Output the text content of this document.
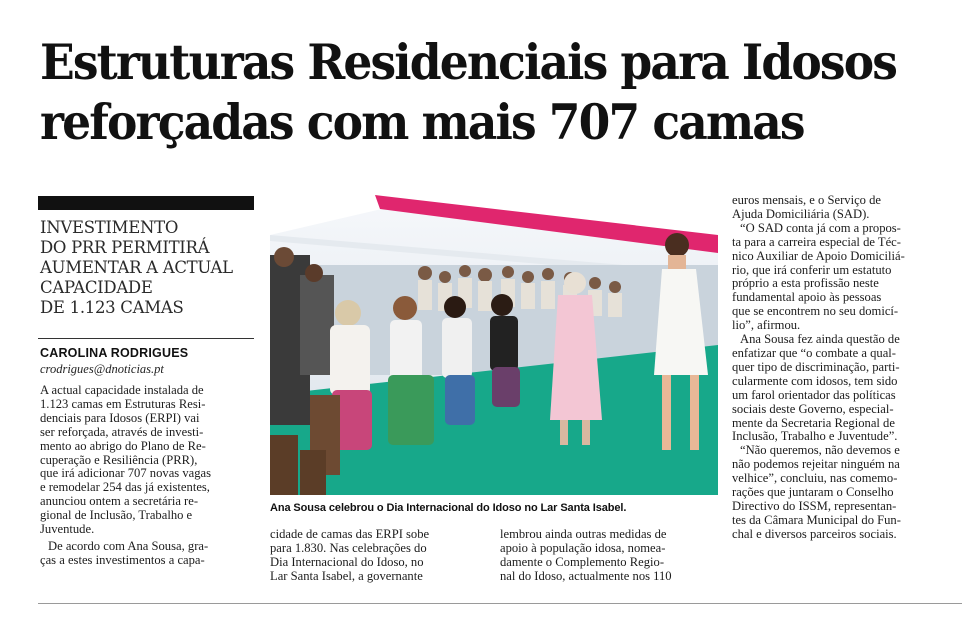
Estruturas Residenciais para Idosos
reforçadas com mais 707 camas
INVESTIMENTO
DO PRR PERMITIRÁ
AUMENTAR A ACTUAL
CAPACIDADE
DE 1.123 CAMAS
CAROLINA RODRIGUES
crodrigues@dnoticias.pt
A actual capacidade instalada de
1.123 camas em Estruturas Resi-
denciais para Idosos (ERPI) vai
ser reforçada, através de investi-
mento ao abrigo do Plano de Re-
cuperação e Resiliência (PRR),
que irá adicionar 707 novas vagas
e remodelar 254 das já existentes,
anunciou ontem a secretária re-
gional de Inclusão, Trabalho e
Juventude.
De acordo com Ana Sousa, gra-
ças a estes investimentos a capa-
Ana Sousa celebrou o Dia Internacional do Idoso no Lar Santa Isabel.
cidade de camas das ERPI sobe
para 1.830. Nas celebrações do
Dia Internacional do Idoso, no
Lar Santa Isabel, a governante
lembrou ainda outras medidas de
apoio à população idosa, nomea-
damente o Complemento Regio-
nal do Idoso, actualmente nos 110
euros mensais, e o Serviço de
Ajuda Domiciliária (SAD).
“O SAD conta já com a propos-
ta para a carreira especial de Téc-
nico Auxiliar de Apoio Domiciliá-
rio, que irá conferir um estatuto
próprio a esta profissão neste
fundamental apoio às pessoas
que se encontrem no seu domicí-
lio”, afirmou.
Ana Sousa fez ainda questão de
enfatizar que “o combate a qual-
quer tipo de discriminação, parti-
cularmente com idosos, tem sido
um farol orientador das políticas
sociais deste Governo, especial-
mente da Secretaria Regional de
Inclusão, Trabalho e Juventude”.
“Não queremos, não devemos e
não podemos rejeitar ninguém na
velhice”, concluiu, nas comemo-
rações que juntaram o Conselho
Directivo do ISSM, representan-
tes da Câmara Municipal do Fun-
chal e diversos parceiros sociais.
